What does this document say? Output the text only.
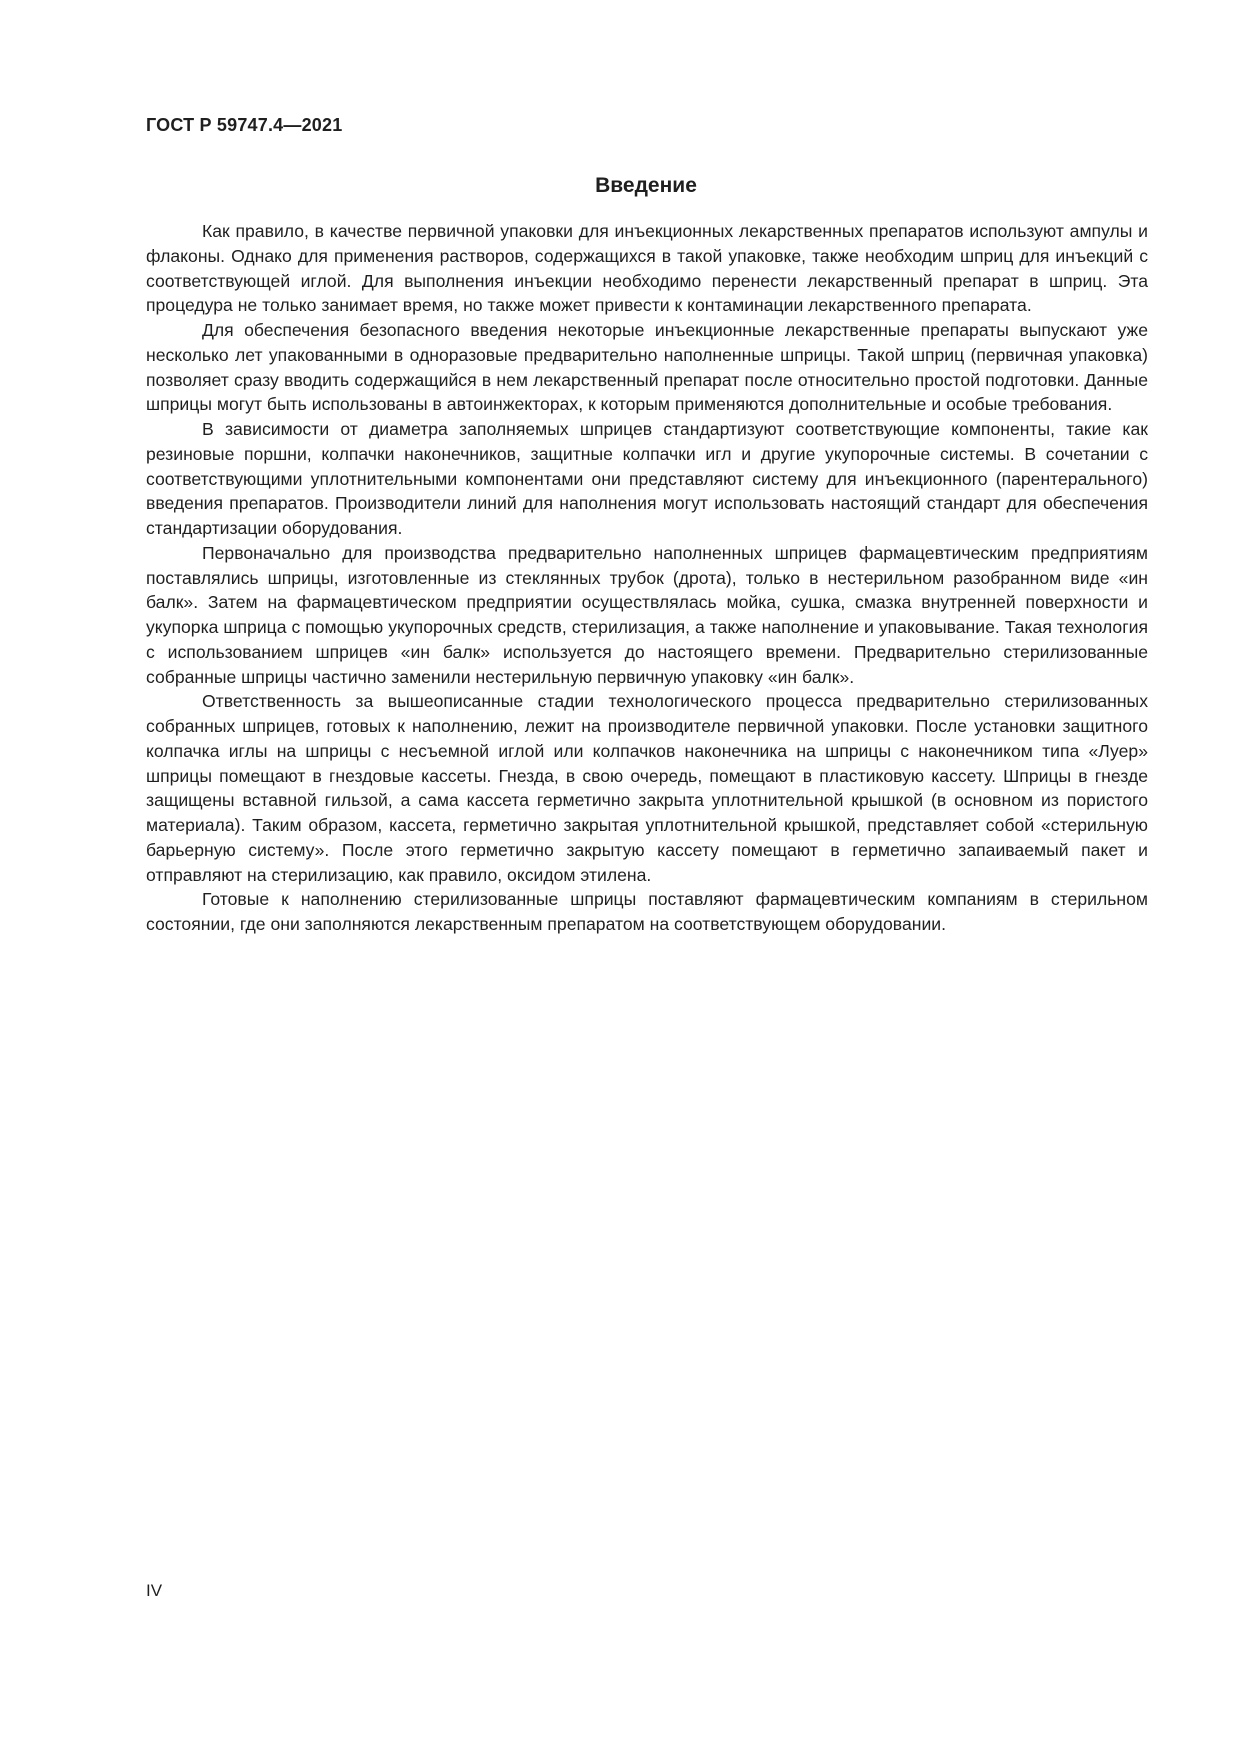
ГОСТ Р 59747.4—2021
Введение

Как правило, в качестве первичной упаковки для инъекционных лекарственных препаратов используют ампулы и флаконы. Однако для применения растворов, содержащихся в такой упаковке, также необходим шприц для инъекций с соответствующей иглой. Для выполнения инъекции необходимо перенести лекарственный препарат в шприц. Эта процедура не только занимает время, но также может привести к контаминации лекарственного препарата.

Для обеспечения безопасного введения некоторые инъекционные лекарственные препараты выпускают уже несколько лет упакованными в одноразовые предварительно наполненные шприцы. Такой шприц (первичная упаковка) позволяет сразу вводить содержащийся в нем лекарственный препарат после относительно простой подготовки. Данные шприцы могут быть использованы в автоинжекторах, к которым применяются дополнительные и особые требования.

В зависимости от диаметра заполняемых шприцев стандартизуют соответствующие компоненты, такие как резиновые поршни, колпачки наконечников, защитные колпачки игл и другие укупорочные системы. В сочетании с соответствующими уплотнительными компонентами они представляют систему для инъекционного (парентерального) введения препаратов. Производители линий для наполнения могут использовать настоящий стандарт для обеспечения стандартизации оборудования.

Первоначально для производства предварительно наполненных шприцев фармацевтическим предприятиям поставлялись шприцы, изготовленные из стеклянных трубок (дрота), только в нестерильном разобранном виде «ин балк». Затем на фармацевтическом предприятии осуществлялась мойка, сушка, смазка внутренней поверхности и укупорка шприца с помощью укупорочных средств, стерилизация, а также наполнение и упаковывание. Такая технология с использованием шприцев «ин балк» используется до настоящего времени. Предварительно стерилизованные собранные шприцы частично заменили нестерильную первичную упаковку «ин балк».

Ответственность за вышеописанные стадии технологического процесса предварительно стерилизованных собранных шприцев, готовых к наполнению, лежит на производителе первичной упаковки. После установки защитного колпачка иглы на шприцы с несъемной иглой или колпачков наконечника на шприцы с наконечником типа «Луер» шприцы помещают в гнездовые кассеты. Гнезда, в свою очередь, помещают в пластиковую кассету. Шприцы в гнезде защищены вставной гильзой, а сама кассета герметично закрыта уплотнительной крышкой (в основном из пористого материала). Таким образом, кассета, герметично закрытая уплотнительной крышкой, представляет собой «стерильную барьерную систему». После этого герметично закрытую кассету помещают в герметично запаиваемый пакет и отправляют на стерилизацию, как правило, оксидом этилена.

Готовые к наполнению стерилизованные шприцы поставляют фармацевтическим компаниям в стерильном состоянии, где они заполняются лекарственным препаратом на соответствующем оборудовании.

IV
